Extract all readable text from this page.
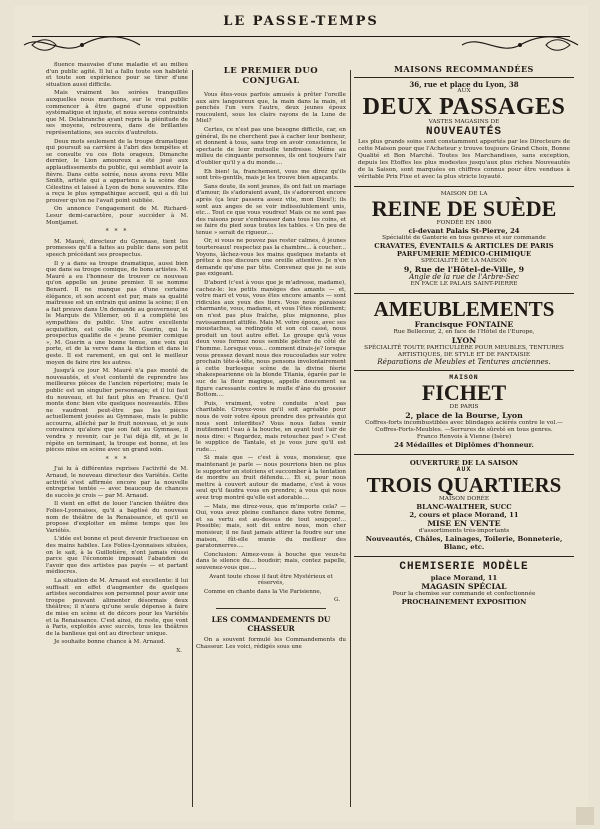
LE PASSE-TEMPS

fluence mauvaise d'une maladie et au milieu d'un public agité. Il lui a fallu toute son habileté et toute son expérience pour se tirer d'une situation aussi difficile.

Mais vraiment les soirées tranquilles auxquelles nous marchons, sur le vrai public commencer à être gagné d'une opposition systématique et injuste, et nous serons contraints que M. Delabranche ayant repris la plénitude de ses moyens, retrouvera, dans de brillantes représentations, ses succès d'autrefois.

Deux mots seulement de la troupe dramatique qui poursuit sa carrière à l'abri des tempêtes et se consulte vu ces flots orageux. Dimanche dernier, le Lion amoureux a été joué aux applaudissements du public, qui semblait avoir la fièvre. Dans cette soirée, nous avons revu Mlle Smith, artiste qui a appartenu à la scène des Célestins et laissé à Lyon de bons souvenirs. Elle a reçu le plus sympathique accueil, qui a dû lui prouver qu'on ne l'avait point oubliée.

On annonce l'engagement de M. Richard-Lesur demi-caractère, pour succéder à M. Montjamet.

* * *

M. Mauré, directeur du Gymnase, tient les promesses qu'il a faites au public dans son petit speech précédant ses prospectus.

Il y a dans sa troupe dramatique, aussi bien que dans sa troupe comique, de bons artistes. M. Mauré a eu l'honneur de trouver ce nouveau qu'on appelle un jeune premier. Il se nomme Benard. Il ne manque pas d'une certaine élégance, et son accent est pur, mais sa qualité maîtresse est un entrain qui anime la scène; il en a fait preuve dans Un demande au gouverneur, et le Marquis de Villemer, où il a complété les sympathies du public. Une autre excellente acquisition, est celle de M. Guerin, qui le prospectus qualifie de « jeune premier comique », M. Guerin a une bonne tenue, une voix qui porte, et de la verve dans la diction et dans le geste. Il est rarement, en qui ont le meilleur moyen de faire rire les autres.

Jusqu'à ce jour M. Mauré n'a pas monté de nouveautés, et s'est contenté de reprendre les meilleures pièces de l'ancien répertoire; mais le public est un singulier personnage; et il lui faut du nouveau, et lui faut plus en France. Qu'il monte donc bien vite quelques nouveautés. Elles ne vaudront peut-être pas les pièces actuellement jouées au Gymnase, mais le public accourra, alléché par le fruit nouveau, et je suis convaincu qu'alors que son fait au Gymnase, il vendra y revenir, car je l'ai déjà dit, et je le répète en terminant, la troupe est bonne, et les pièces mise en scène avec un grand soin.

* * *

J'ai lu à différentes reprises l'activité de M. Arnaud, le nouveau directeur des Variétés. Cette activité s'est affirmée encore par la nouvelle entreprise tentée — avec beaucoup de chances de succès je crois — par M. Arnaud.

Il vient en effet de louer l'ancien théâtre des Folies-Lyonnaises, qu'il a baptisé du nouveau nom de théâtre de la Renaissance, et qu'il se propose d'exploiter en même temps que les Variétés.

L'idée est bonne et peut devenir fructueuse en des mains habiles. Les Folies-Lyonnaises situées, on le sait, à la Guillotière, n'ont jamais réussi parce que l'économie imposait l'abandon de l'avoir que des artistes pas payés — et partant médiocres.

La situation de M. Arnaud est excellente: il lui suffisait en effet d'augmenter de quelques artistes secondaires son personnel pour avoir une troupe pouvant alimenter désormais deux théâtres; il n'aura qu'une seule dépense à faire de mise en scène et de décors pour les Variétés et la Renaissance. C'est ainsi, du reste, que vont à Paris, exploités avec succès, tous les théâtres de la banlieue qui ont au directeur unique.

Je souhaite bonne chance à M. Arnaud.

X.
LE PREMIER DUO CONJUGAL

Vous êtes-vous parfois amusés à prêter l'oreille aux airs langoureux que, la main dans la main, et penchés l'un vers l'autre, deux jeunes époux roucoulent, sous les clairs rayons de la Lune de Miel?

Certes, ce n'est pas une besogne difficile, car, en général, ils ne cherchent pas à cacher leur bonheur, et donnent à tous, sans trop en avoir conscience, le spectacle de leur mutuelle tendresse. Même au milieu de cinquante personnes, ils ont toujours l'air d'oublier qu'il y a du monde....

Eh bien! la, franchement, vous me direz qu'ils sont très-gentils, mais je les trouve bien agaçants.

Sans doute, ils sont jeunes, ils ont fait un mariage d'amour, ils s'adoraient avant, ils s'adoreront encore après (ça leur passera assez vite, mon Dieu!); ils sont aux anges de se voir indissolublement unis, etc... Tout ce que vous voudrez! Mais ce ne sont pas des raisons pour s'embrasser dans tous les coins, et se faire du pied sous toutes les tables. « Un peu de tenue » serait de rigueur....

Or, si vous ne pouvez pas rester calmes, ô jeunes tourtereaux! respectez pas la chambre... à coucher... Voyons, lâchez-vous les mains quelques instants et prêtez à nos discours une oreille attentive. Je n'en demande qu'une par tête. Convenez que je ne suis pas exigeant.

D'abord (c'est à vous que je m'adresse, madame), cachez-le: les petits manèges des amants — et, votre mari et vous, vous êtes encore amants — sont ridicules aux yeux des tiers. Vous nous paraissez charmante, vous, madame, et vous l'êtes réellement; on n'est pas plus fraîche, plus mignonne, plus ravissamment attifée. Mais M. votre époux, avec ses moustaches, sa redingote et son col cassé, nous produit un tout autre effet. Le groupe qu'à vous deux vous formez nous semble pêcher du côté de l'homme. Lorsque vous... comment dirais-je? lorsque vous pressez devant nous des roucoulades sur votre prochain tête-à-tête, nous pensons involontairement à cette burlesque scène de la divine féerie shakespearienne où la blonde Titania, égarée par le suc de la fleur magique, appelle doucement sa figure caressante contre le mufle d'âne du grossier Bottom....

Puis, vraiment, votre conduite n'est pas charitable. Croyez-vous qu'il soit agréable pour nous de voir votre époux prendre des privautés qui nous sont interdites? Vous nous faites venir inutilement l'eau à la bouche, en ayant tout l'air de nous dire: « Regardez, mais retouchez pas! » C'est le supplice de Tantale, et je vous jure qu'il est rude....

Si mais que — c'est à vous, monsieur, que maintenant je parle — nous pourrions bien ne plus le supporter en stoïciens et succomber à la tentation de mordre au fruit défendu.... Et si, pour nous mettre à couvert autour de madame, c'est à vous seul qu'il faudra vous en prendre; à vous qui nous avez trop montré qu'elle est adorable....

— Mais, me direz-vous, que m'importe cela? — Oui, vous avez pleine confiance dans votre femme, et sa vertu est au-dessus de tout soupçon!... Possible; mais, soit dit entre nous, mon cher monsieur, il ne faut jamais attirer la foudre sur une maison, fût-elle munie du meilleur des paratonnerres....

Conclusion: Aimez-vous à bouche que veux-tu dans le silence du... boudoir; mais, contez papelle, souvenez-vous que....

Avant toute chose il faut être Mystérieux et réservés,

Comme en chante dans la Vie Parisienne,

G.
LES COMMANDEMENTS DU CHASSEUR

On a souvent formulé les Commandements du Chasseur. Les voici, rédigés sous une

MAISONS RECOMMANDÉES
36, rue et place du Lyon, 38
AUX
DEUX PASSAGES
VASTES MAGASINS DE
NOUVEAUTÉS
Les plus grands soins sont constamment apportés par les Directeurs de cette Maison pour que l'Acheteur y trouve toujours Grand Choix, Bonne Qualité et Bon Marché. Toutes les Marchandises, sans exception, depuis les Etoffes les plus modestes jusqu'aux plus riches Nouveautés de la Saison, sont marquées en chiffres connus pour être vendues à véritable Prix Fixe et avec la plus stricte loyauté.
MAISON DE LA
REINE DE SUÈDE
FONDÉE EN 1800
ci-devant Palais St-Pierre, 24
Spécialité de Ganterie en tous genres et sur commande
CRAVATES, ÉVENTAILS & ARTICLES DE PARIS
PARFUMERIE MÉDICO-CHIMIQUE
SPÉCIALITÉ DE LA MAISON
9, Rue de l'Hôtel-de-Ville, 9
Angle de la rue de l'Arbre-Sec
EN FACE LE PALAIS SAINT-PIERRE
AMEUBLEMENTS
Francisque FONTAINE
Rue Bellecour, 2, en face de l'Hôtel de l'Europe,
LYON
SPÉCIALITÉ TOUTE PARTICULIÈRE POUR MEUBLES, TENTURES ARTISTIQUES, DE STYLE ET DE FANTAISIE
Réparations de Meubles et Tentures anciennes.
MAISON
FICHET
DE PARIS
2, place de la Bourse, Lyon
Coffres-forts incombustibles avec blindages aciérés contre le vol.—Coffres-Forts-Meubles. —Serrures de sûreté en tous genres.
Franco Renvois à Vienne (Isère)
24 Médailles et Diplômes d'honneur.
OUVERTURE DE LA SAISON
AUX
TROIS QUARTIERS
MAISON DORÉE
BLANC-WALTHER, SUCC
2, cours et place Morand, 11
MISE EN VENTE
d'assortiments très-importants
Nouveautés, Châles, Lainages, Toilerie, Bonneterie, Blanc, etc.
CHEMISERIE MODÈLE
place Morand, 11
MAGASIN SPÉCIAL
Pour la chemise sur commande et confectionnée
PROCHAINEMENT EXPOSITION
